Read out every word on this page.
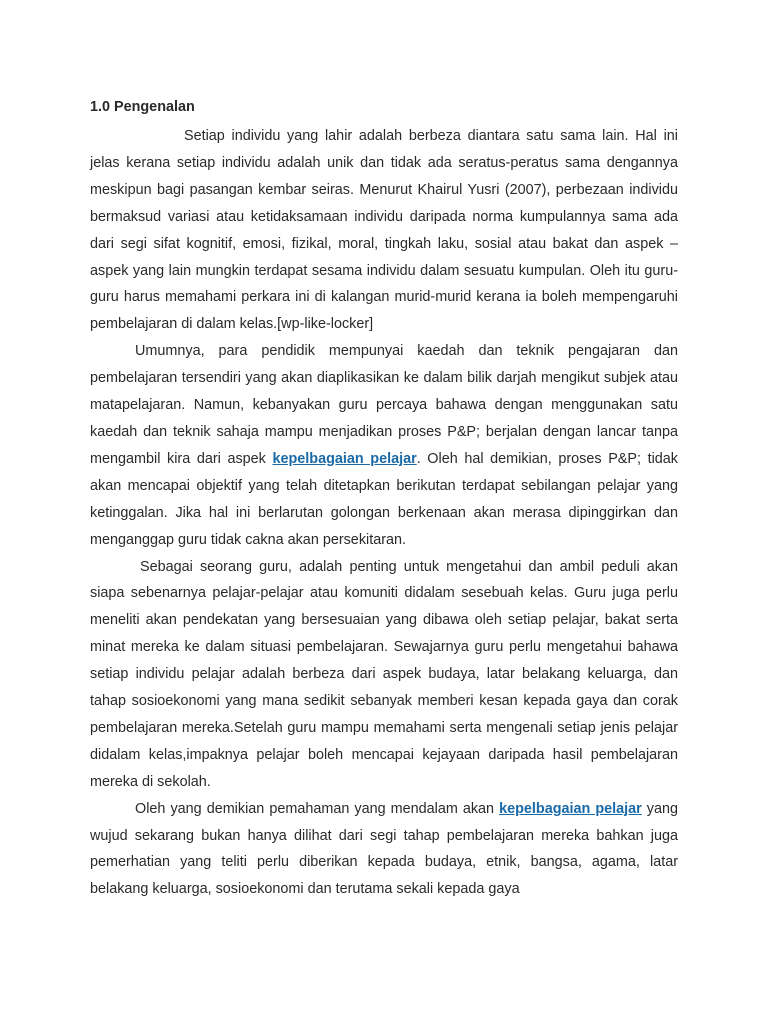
1.0 Pengenalan

Setiap individu yang lahir adalah berbeza diantara satu sama lain. Hal ini jelas kerana setiap individu adalah unik dan tidak ada seratus-peratus sama dengannya meskipun bagi pasangan kembar seiras. Menurut Khairul Yusri (2007), perbezaan individu bermaksud variasi atau ketidaksamaan individu daripada norma kumpulannya sama ada dari segi sifat kognitif, emosi, fizikal, moral, tingkah laku, sosial atau bakat dan aspek – aspek yang lain mungkin terdapat sesama individu dalam sesuatu kumpulan. Oleh itu guru-guru harus memahami perkara ini di kalangan murid-murid kerana ia boleh mempengaruhi pembelajaran di dalam kelas.[wp-like-locker]

Umumnya, para pendidik mempunyai kaedah dan teknik pengajaran dan pembelajaran tersendiri yang akan diaplikasikan ke dalam bilik darjah mengikut subjek atau matapelajaran. Namun, kebanyakan guru percaya bahawa dengan menggunakan satu kaedah dan teknik sahaja mampu menjadikan proses P&P; berjalan dengan lancar tanpa mengambil kira dari aspek kepelbagaian pelajar. Oleh hal demikian, proses P&P; tidak akan mencapai objektif yang telah ditetapkan berikutan terdapat sebilangan pelajar yang ketinggalan. Jika hal ini berlarutan golongan berkenaan akan merasa dipinggirkan dan menganggap guru tidak cakna akan persekitaran.

Sebagai seorang guru, adalah penting untuk mengetahui dan ambil peduli akan siapa sebenarnya pelajar-pelajar atau komuniti didalam sesebuah kelas. Guru juga perlu meneliti akan pendekatan yang bersesuaian yang dibawa oleh setiap pelajar, bakat serta minat mereka ke dalam situasi pembelajaran. Sewajarnya guru perlu mengetahui bahawa setiap individu pelajar adalah berbeza dari aspek budaya, latar belakang keluarga, dan tahap sosioekonomi yang mana sedikit sebanyak memberi kesan kepada gaya dan corak pembelajaran mereka.Setelah guru mampu memahami serta mengenali setiap jenis pelajar didalam kelas,impaknya pelajar boleh mencapai kejayaan daripada hasil pembelajaran mereka di sekolah.

Oleh yang demikian pemahaman yang mendalam akan kepelbagaian pelajar yang wujud sekarang bukan hanya dilihat dari segi tahap pembelajaran mereka bahkan juga pemerhatian yang teliti perlu diberikan kepada budaya, etnik, bangsa, agama, latar belakang keluarga, sosioekonomi dan terutama sekali kepada gaya
